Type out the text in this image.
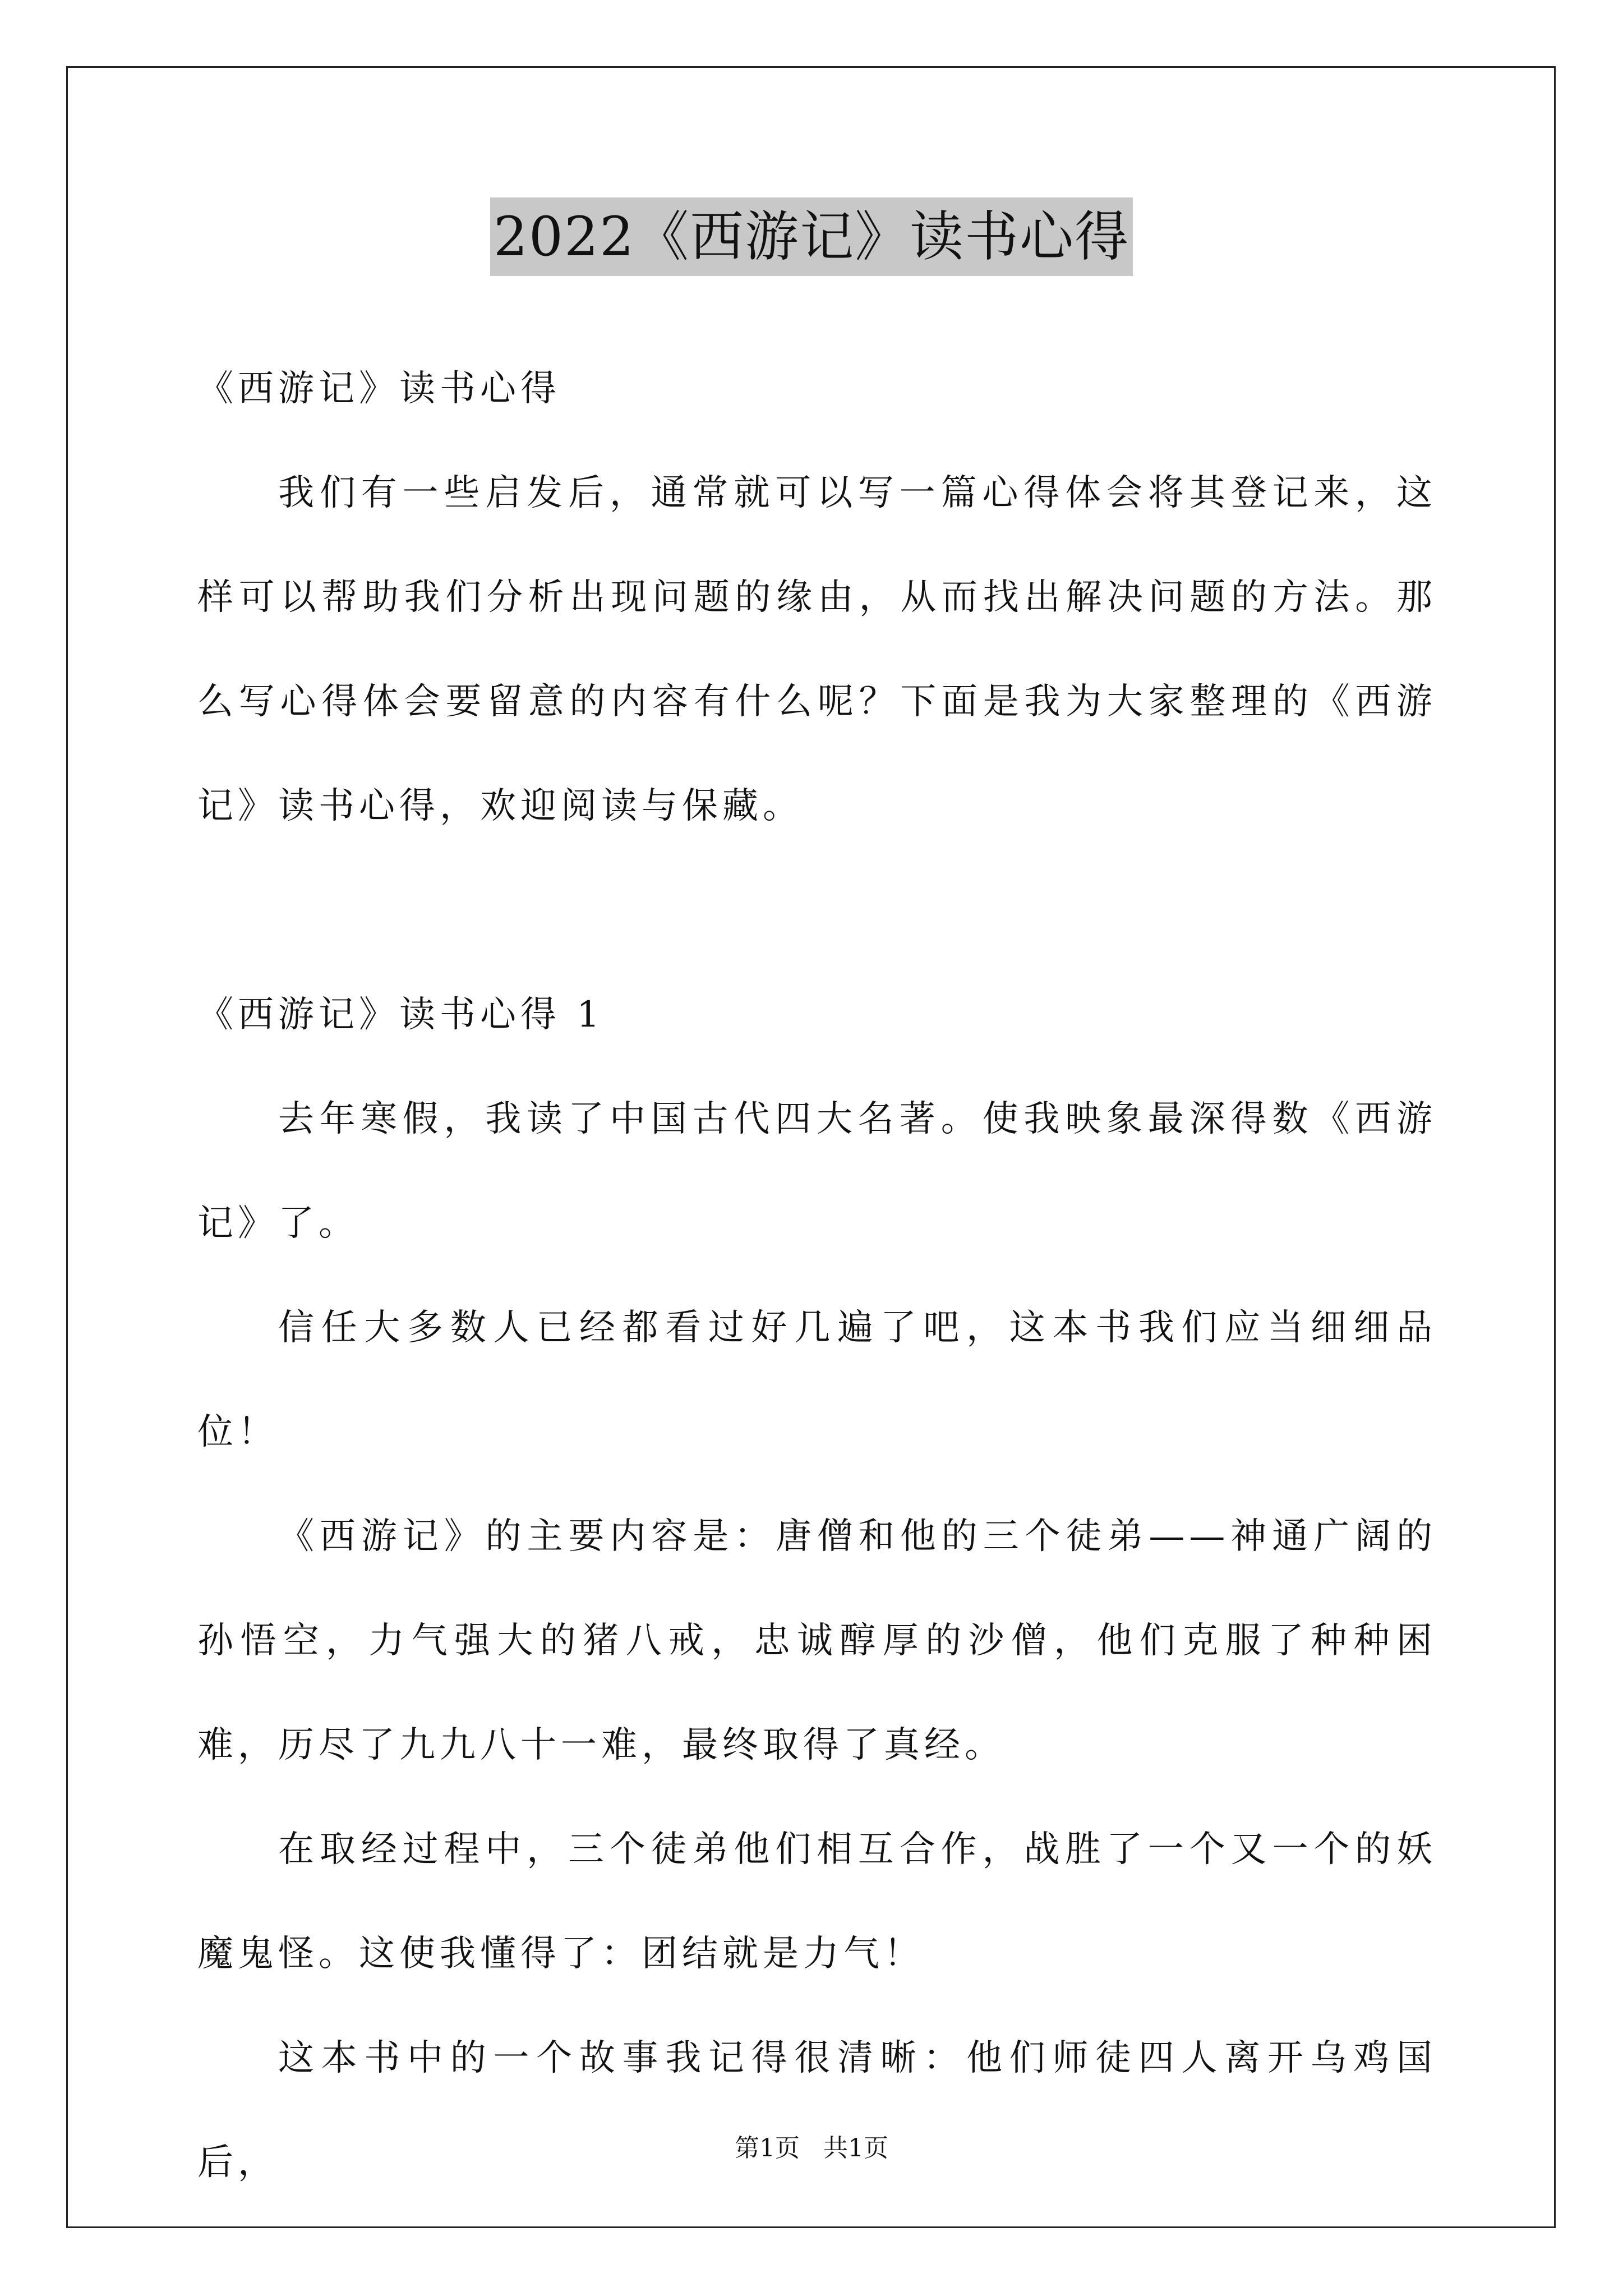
2022《西游记》读书心得

《西游记》读书心得

我们有一些启发后，通常就可以写一篇心得体会将其登记来，这样可以帮助我们分析出现问题的缘由，从而找出解决问题的方法。那么写心得体会要留意的内容有什么呢？下面是我为大家整理的《西游记》读书心得，欢迎阅读与保藏。

《西游记》读书心得 1

去年寒假，我读了中国古代四大名著。使我映象最深得数《西游记》了。

信任大多数人已经都看过好几遍了吧，这本书我们应当细细品位！

《西游记》的主要内容是：唐僧和他的三个徒弟——神通广阔的孙悟空，力气强大的猪八戒，忠诚醇厚的沙僧，他们克服了种种困难，历尽了九九八十一难，最终取得了真经。

在取经过程中，三个徒弟他们相互合作，战胜了一个又一个的妖魔鬼怪。这使我懂得了：团结就是力气！

这本书中的一个故事我记得很清晰：他们师徒四人离开乌鸡国后，	第1页 共1页
